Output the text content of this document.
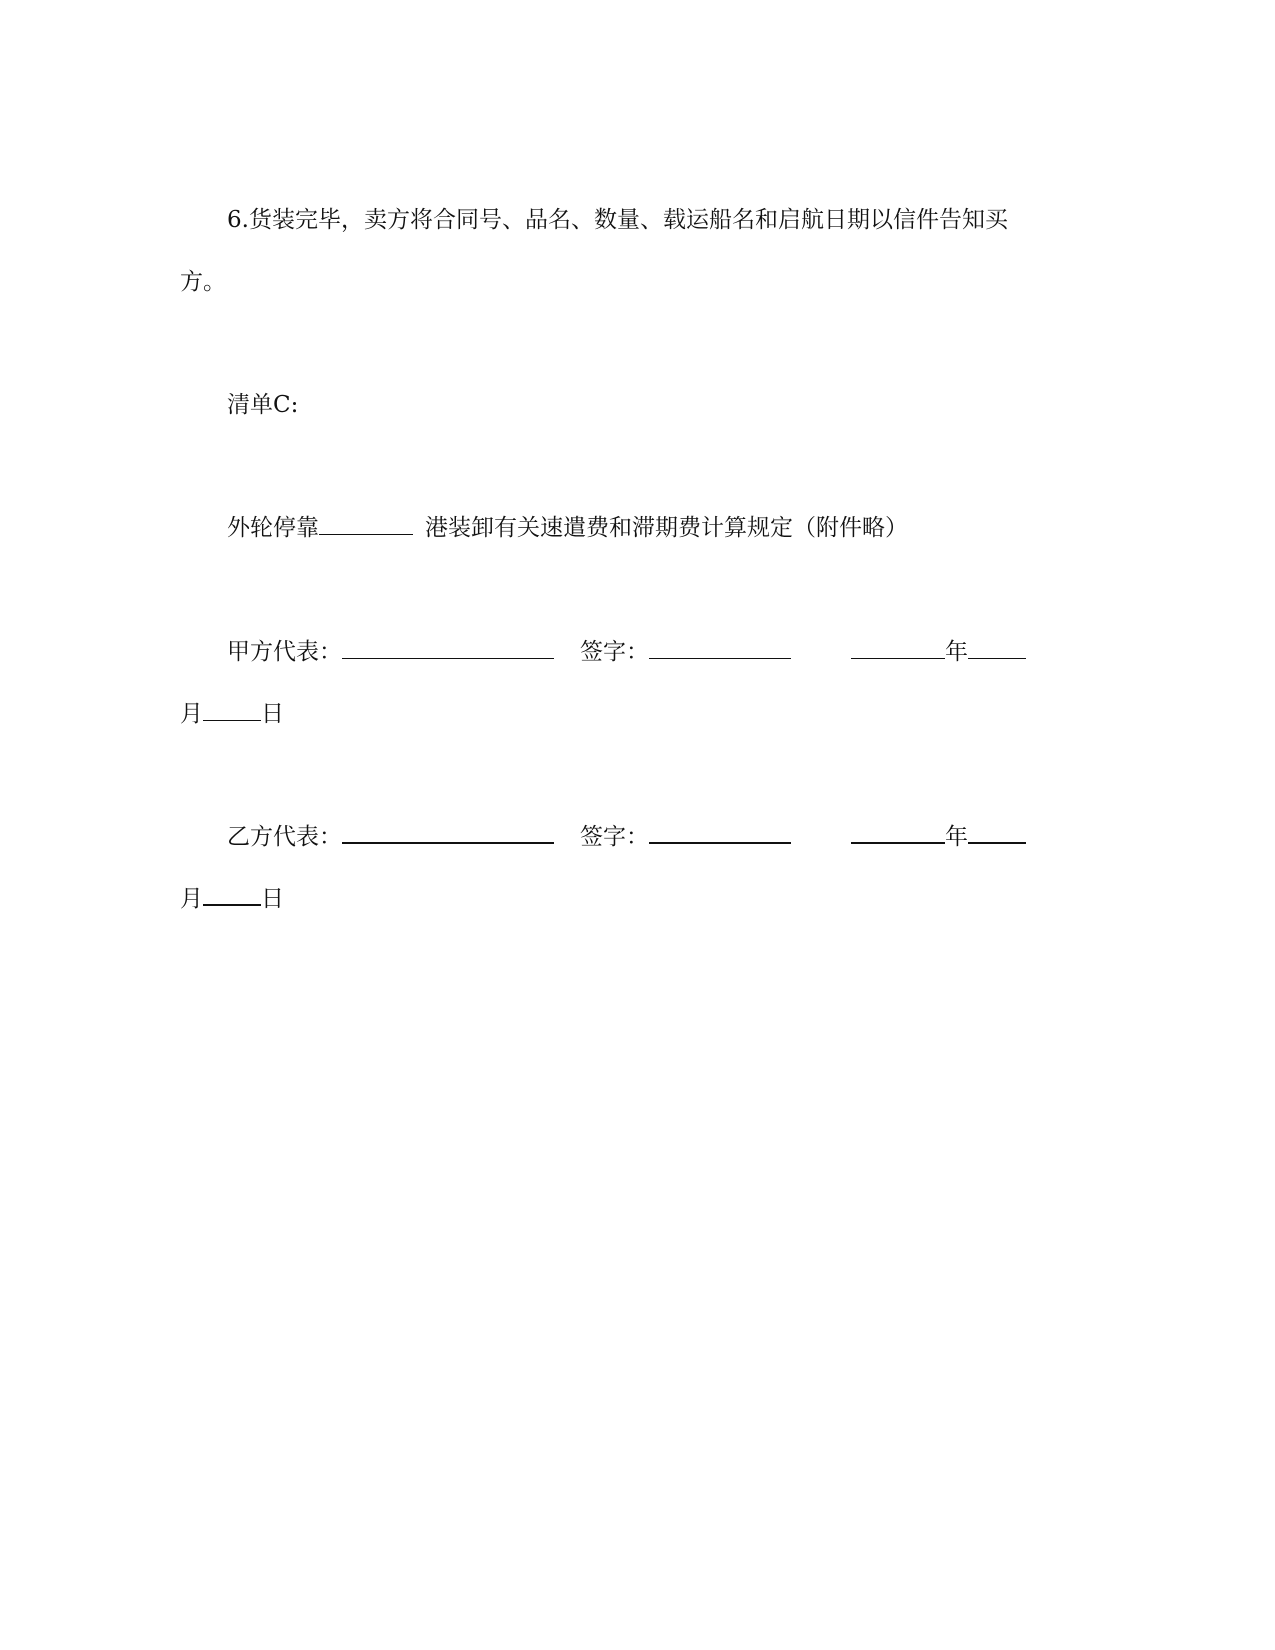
6.货装完毕，卖方将合同号、品名、数量、载运船名和启航日期以信件告知买
方。
清单C:
外轮停靠	港装卸有关速遣费和滞期费计算规定（附件略）
甲方代表：	签字：	年
月	日
乙方代表：	签字：	年
月	日
